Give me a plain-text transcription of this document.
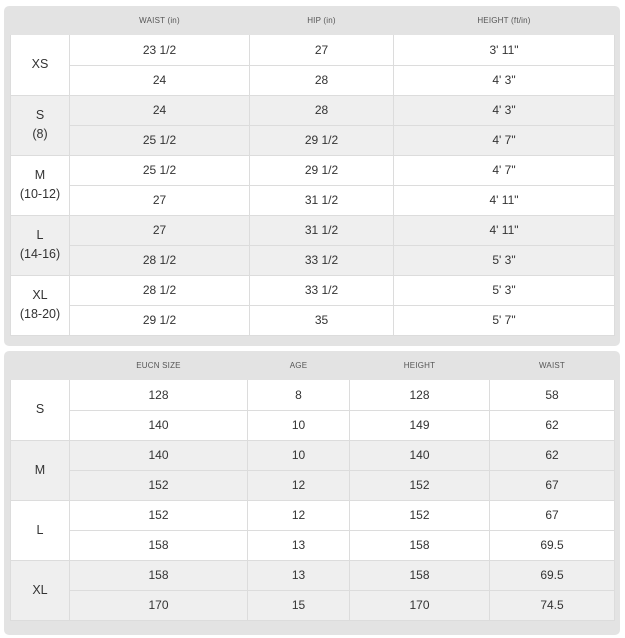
	WAIST (in)	HIP (in)	HEIGHT (ft/in)

XS	23 1/2	27	3' 11"
	24	28	4' 3"

S
(8)	24	28	4' 3"
	25 1/2	29 1/2	4' 7"

M
(10-12)	25 1/2	29 1/2	4' 7"
	27	31 1/2	4' 11"

L
(14-16)	27	31 1/2	4' 11"
	28 1/2	33 1/2	5' 3"

XL
(18-20)	28 1/2	33 1/2	5' 3"
	29 1/2	35	5' 7"
	EUCN SIZE	AGE	HEIGHT	WAIST

S	128	8	128	58
	140	10	149	62

M	140	10	140	62
	152	12	152	67

L	152	12	152	67
	158	13	158	69.5

XL	158	13	158	69.5
	170	15	170	74.5
